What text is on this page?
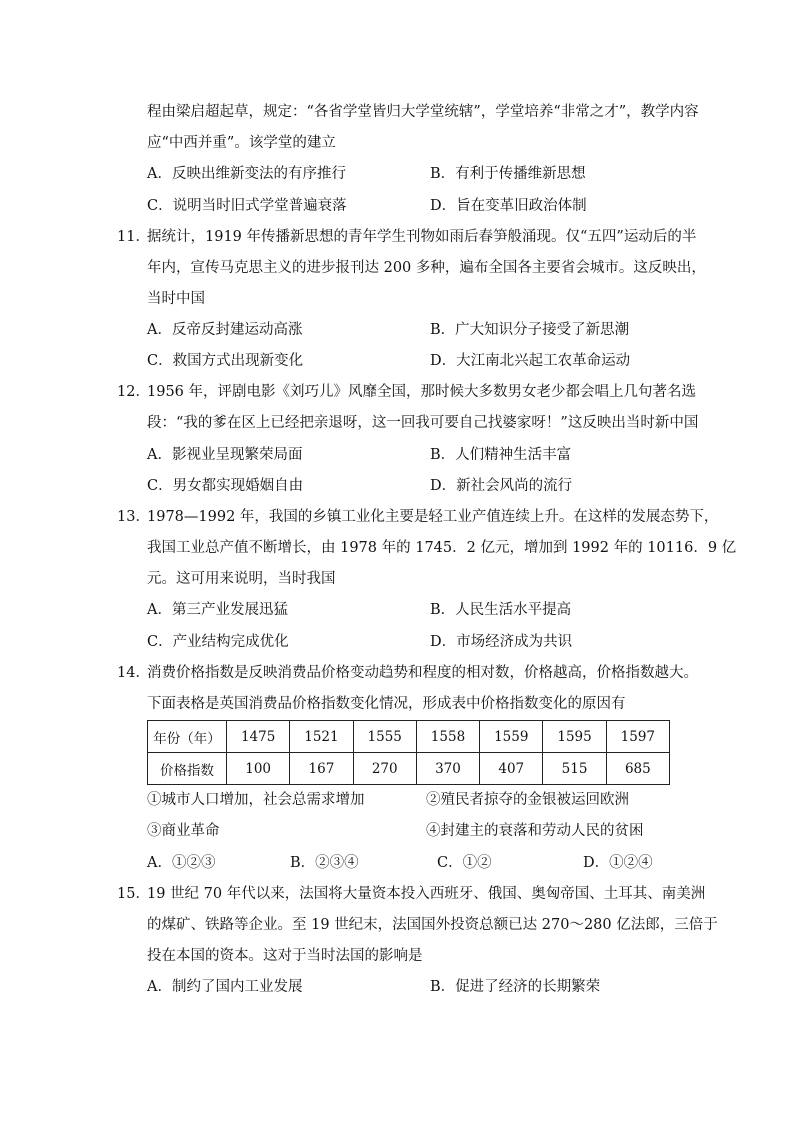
程由梁启超起草，规定：“各省学堂皆归大学堂统辖”，学堂培养“非常之才”，教学内容
应“中西并重”。该学堂的建立
A．反映出维新变法的有序推行	B．有利于传播维新思想
C．说明当时旧式学堂普遍衰落	D．旨在变革旧政治体制
11．
据统计，1919 年传播新思想的青年学生刊物如雨后春笋般涌现。仅“五四”运动后的半
年内，宣传马克思主义的进步报刊达 200 多种，遍布全国各主要省会城市。这反映出，
当时中国
A．反帝反封建运动高涨	B．广大知识分子接受了新思潮
C．救国方式出现新变化	D．大江南北兴起工农革命运动
12．
1956 年，评剧电影《刘巧儿》风靡全国，那时候大多数男女老少都会唱上几句著名选
段：“我的爹在区上已经把亲退呀，这一回我可要自己找婆家呀！”这反映出当时新中国
A．影视业呈现繁荣局面	B．人们精神生活丰富
C．男女都实现婚姻自由	D．新社会风尚的流行
13．
1978—1992 年，我国的乡镇工业化主要是轻工业产值连续上升。在这样的发展态势下，
我国工业总产值不断增长，由 1978 年的 1745．2 亿元，增加到 1992 年的 10116．9 亿
元。这可用来说明，当时我国
A．第三产业发展迅猛	B．人民生活水平提高
C．产业结构完成优化	D．市场经济成为共识
14．
消费价格指数是反映消费品价格变动趋势和程度的相对数，价格越高，价格指数越大。
下面表格是英国消费品价格指数变化情况，形成表中价格指数变化的原因有
年份（年）	1475	1521	1555	1558	1559	1595	1597
价格指数	100	167	270	370	407	515	685
①城市人口增加，社会总需求增加	②殖民者掠夺的金银被运回欧洲
③商业革命	④封建主的衰落和劳动人民的贫困
A．①②③	B．②③④	C．①②	D．①②④
15．
19 世纪 70 年代以来，法国将大量资本投入西班牙、俄国、奥匈帝国、土耳其、南美洲
的煤矿、铁路等企业。至 19 世纪末，法国国外投资总额已达 270～280 亿法郎，三倍于
投在本国的资本。这对于当时法国的影响是
A．制约了国内工业发展	B．促进了经济的长期繁荣
